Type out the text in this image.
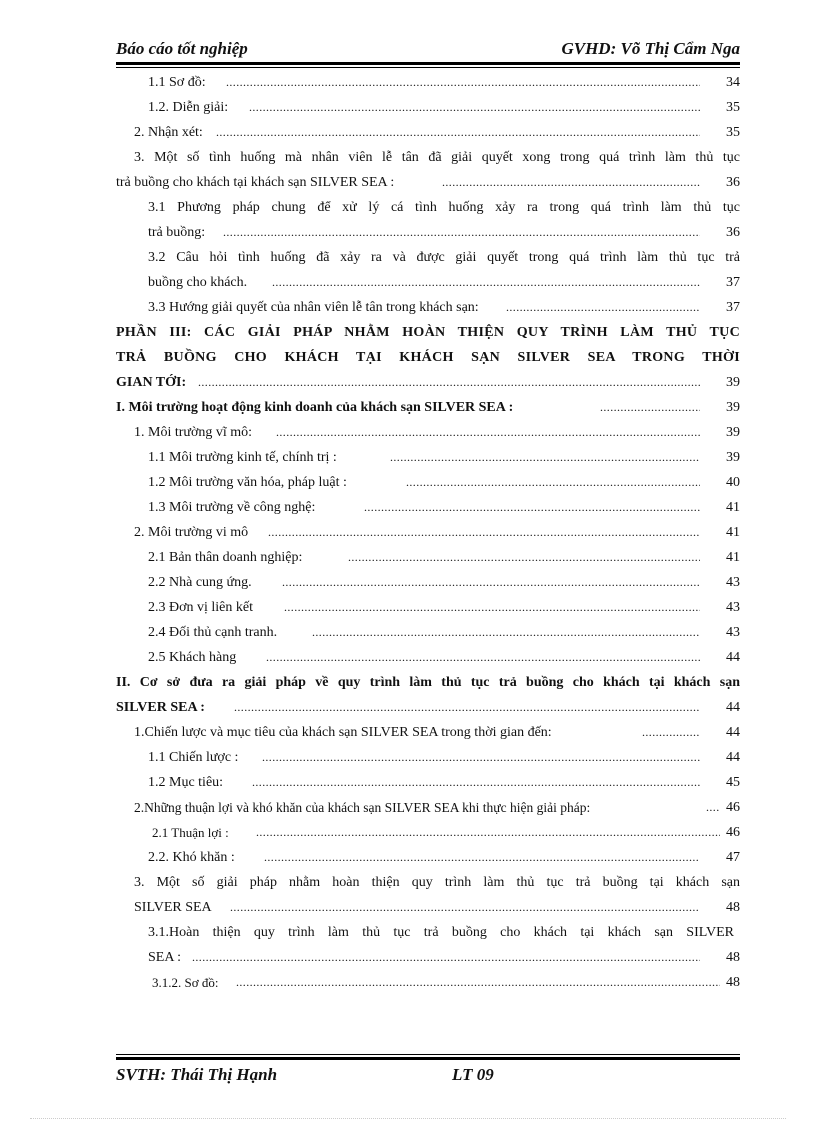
Báo cáo tốt nghiệp	GVHD: Võ Thị Cẩm Nga
1.1 Sơ đồ: .....	34
1.2. Diễn giải: .....	35
2. Nhận xét: .....	35
3. Một số tình huống mà nhân viên lễ tân đã giải quyết xong trong quá trình làm thủ tục
trả buồng cho khách tại khách sạn SILVER SEA : .....	36
3.1 Phương pháp chung để xử lý cá tình huống xảy ra trong quá trình làm thủ tục
trả buồng: .....	36
3.2 Câu hỏi tình huống đã xảy ra và được giải quyết trong quá trình làm thủ tục trả
buồng cho khách. .....	37
3.3 Hướng giải quyết của nhân viên lễ tân trong khách sạn: .....	37
PHẦN III: CÁC GIẢI PHÁP NHẰM HOÀN THIỆN QUY TRÌNH LÀM THỦ TỤC
TRẢ BUỒNG CHO KHÁCH TẠI KHÁCH SẠN SILVER SEA TRONG THỜI
GIAN TỚI: .....	39
I. Môi trường hoạt động kinh doanh của khách sạn SILVER SEA : .....	39
1. Môi trường vĩ mô: .....	39
1.1 Môi trường kinh tế, chính trị : .....	39
1.2 Môi trường văn hóa, pháp luật : .....	40
1.3 Môi trường về công nghệ: .....	41
2. Môi trường vi mô .....	41
2.1 Bản thân doanh nghiệp: .....	41
2.2 Nhà cung ứng. .....	43
2.3 Đơn vị liên kết .....	43
2.4 Đối thủ cạnh tranh. .....	43
2.5 Khách hàng .....	44
II. Cơ sở đưa ra giải pháp về quy trình làm thủ tục trả buồng cho khách tại khách sạn
SILVER SEA : .....	44
1.Chiến lược và mục tiêu của khách sạn SILVER SEA trong thời gian đến: .....	44
1.1 Chiến lược : .....	44
1.2 Mục tiêu: .....	45
2.Những thuận lợi và khó khăn của khách sạn SILVER SEA khi thực hiện giải pháp: .....	46
2.1 Thuận lợi : .....	46
2.2. Khó khăn : .....	47
3. Một số giải pháp nhằm hoàn thiện quy trình làm thủ tục trả buồng tại khách sạn
SILVER SEA .....	48
3.1.Hoàn thiện quy trình làm thủ tục trả buồng cho khách tại khách sạn SILVER
SEA : .....	48
3.1.2. Sơ đồ: .....	48
SVTH: Thái Thị Hạnh	LT 09
